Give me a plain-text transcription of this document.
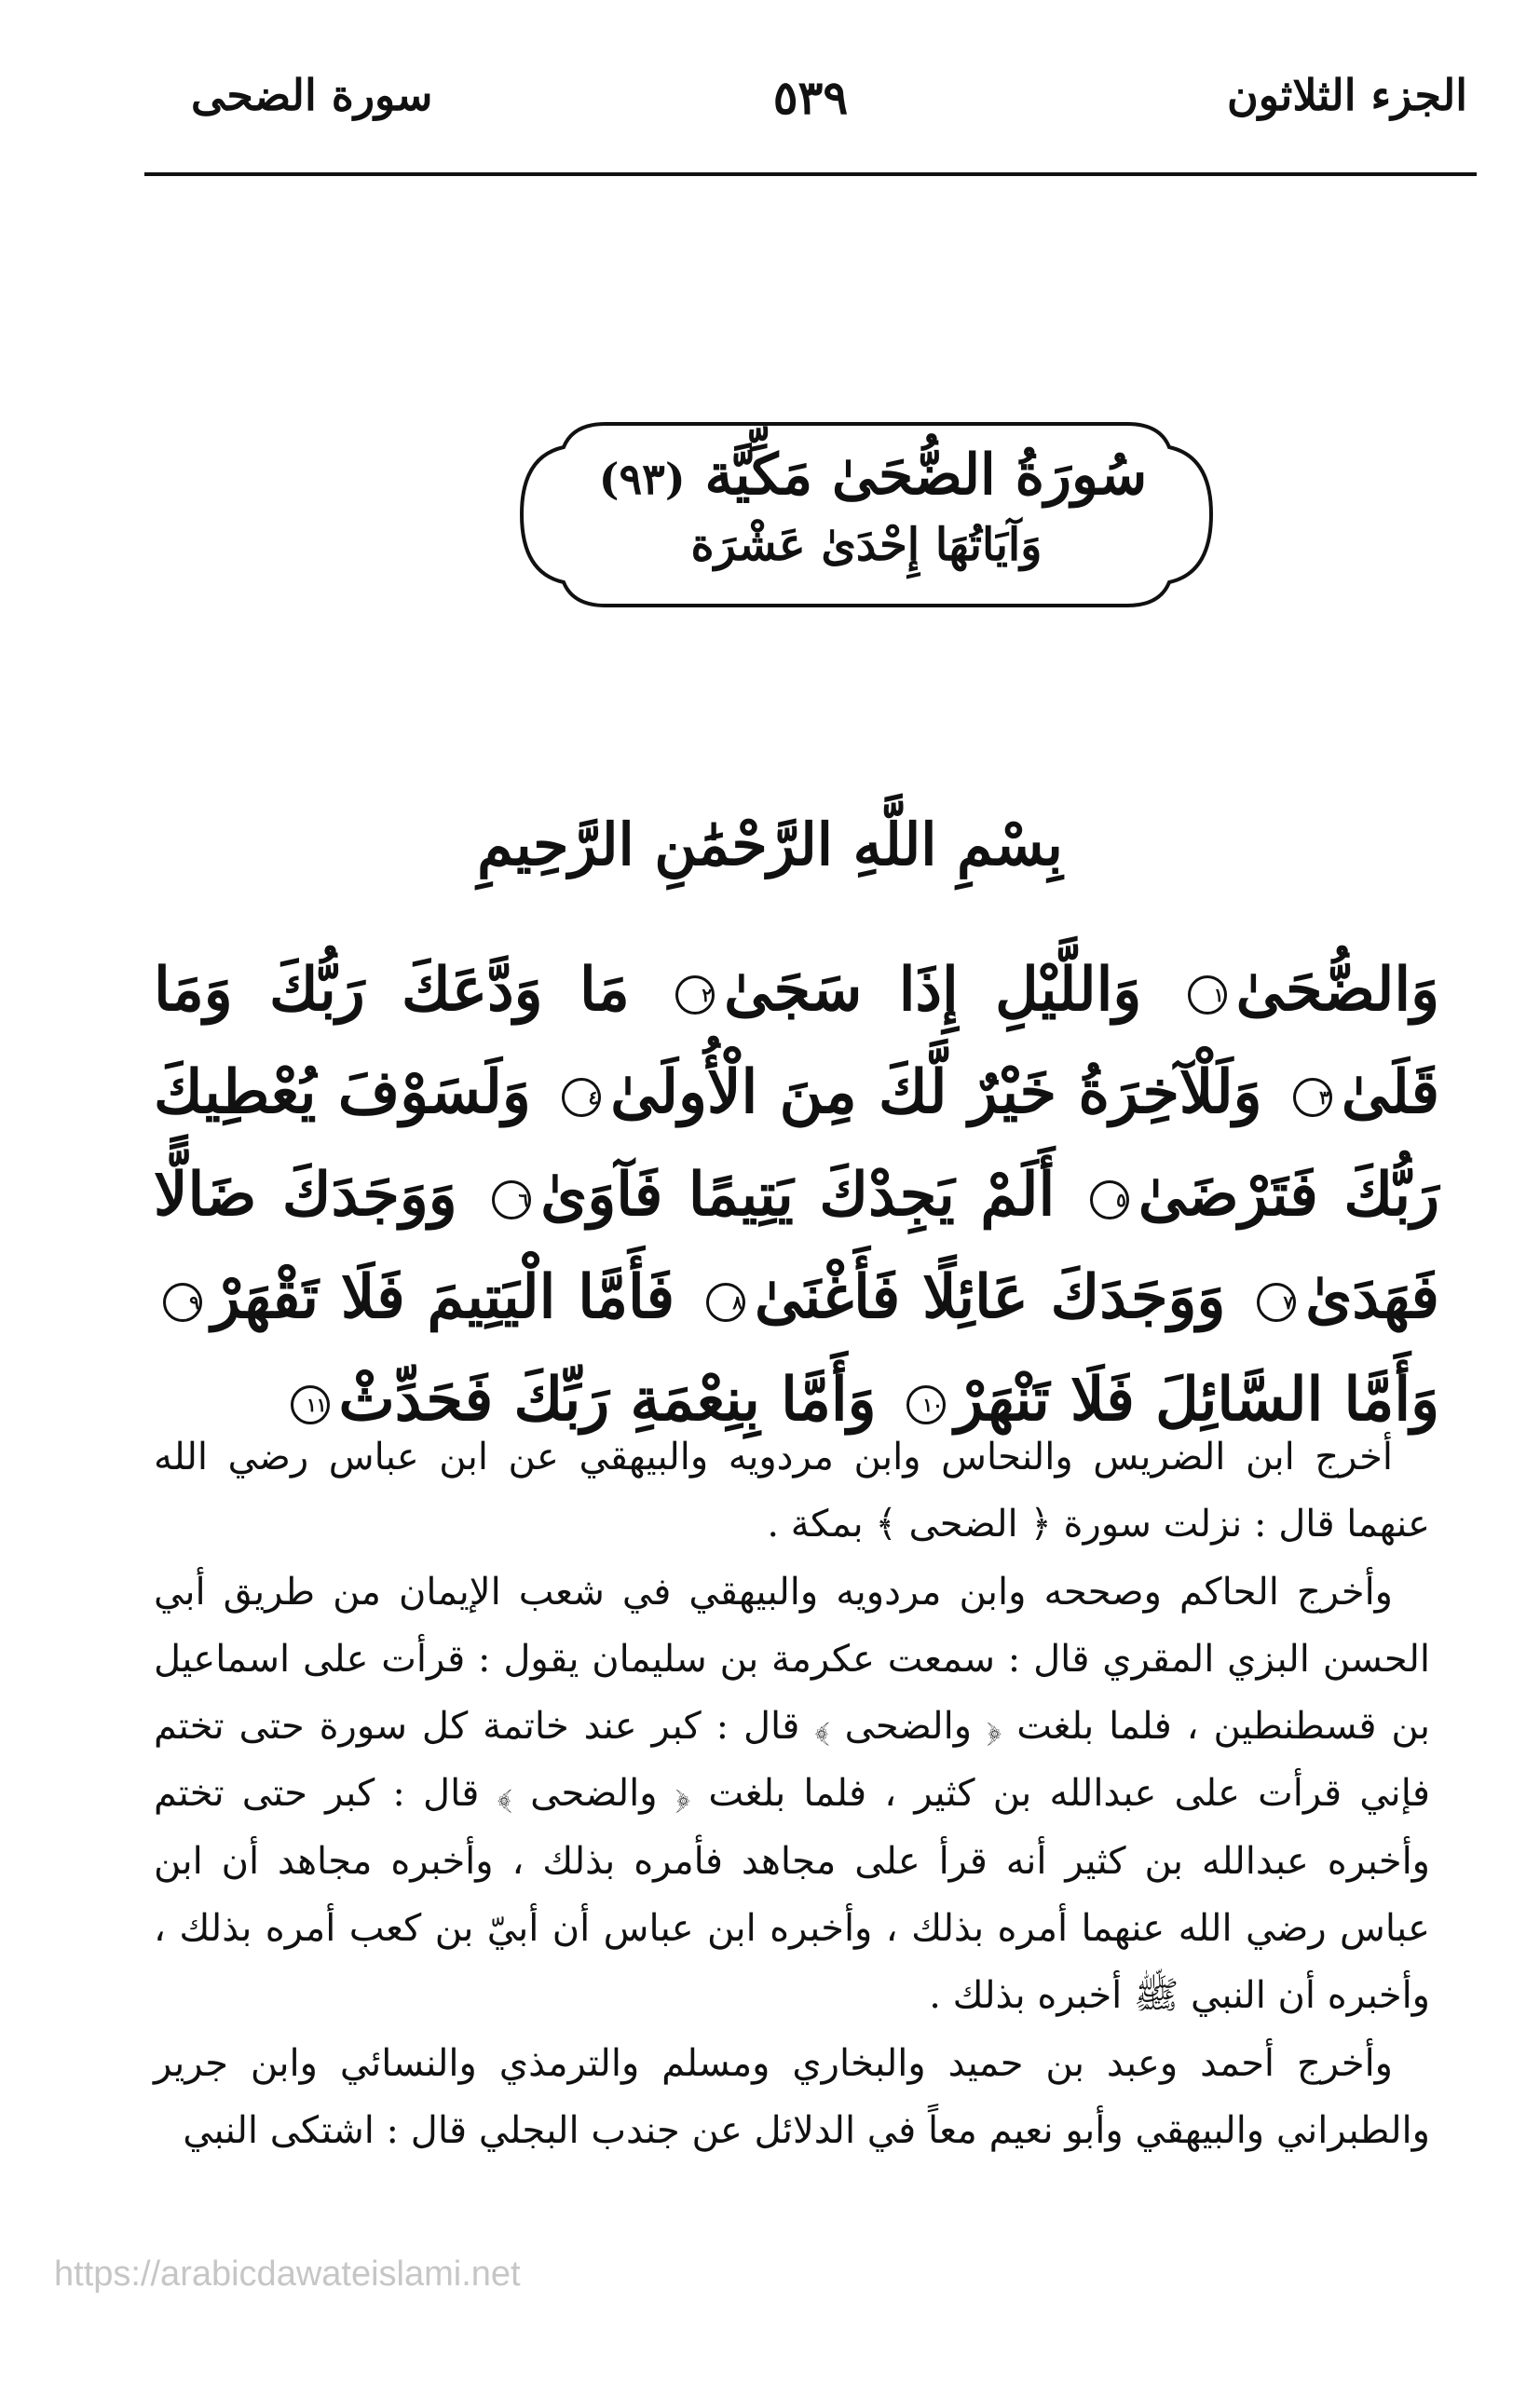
الجزء الثلاثون
٥٣٩
سورة الضحى
سُورَةُ الضُّحَىٰ مَكِّيَّة (٩٣)
وَآيَاتُهَا إِحْدَىٰ عَشْرَة
بِسْمِ اللَّهِ الرَّحْمَٰنِ الرَّحِيمِ
وَالضُّحَىٰ١ وَاللَّيْلِ إِذَا سَجَىٰ٢ مَا وَدَّعَكَ رَبُّكَ وَمَا قَلَىٰ٣ وَلَلْآخِرَةُ خَيْرٌ لَّكَ مِنَ الْأُولَىٰ٤ وَلَسَوْفَ يُعْطِيكَ رَبُّكَ فَتَرْضَىٰ٥ أَلَمْ يَجِدْكَ يَتِيمًا فَآوَىٰ٦ وَوَجَدَكَ ضَالًّا فَهَدَىٰ٧ وَوَجَدَكَ عَائِلًا فَأَغْنَىٰ٨ فَأَمَّا الْيَتِيمَ فَلَا تَقْهَرْ٩ وَأَمَّا السَّائِلَ فَلَا تَنْهَرْ١٠ وَأَمَّا بِنِعْمَةِ رَبِّكَ فَحَدِّثْ١١

أخرج ابن الضريس والنحاس وابن مردويه والبيهقي عن ابن عباس رضي الله عنهما قال : نزلت سورة ﴿ الضحى ﴾ بمكة .

وأخرج الحاكم وصححه وابن مردويه والبيهقي في شعب الإيمان من طريق أبي الحسن البزي المقري قال : سمعت عكرمة بن سليمان يقول : قرأت على اسماعيل بن قسطنطين ، فلما بلغت ﴿ والضحى ﴾ قال : كبر عند خاتمة كل سورة حتى تختم فإني قرأت على عبدالله بن كثير ، فلما بلغت ﴿ والضحى ﴾ قال : كبر حتى تختم وأخبره عبدالله بن كثير أنه قرأ على مجاهد فأمره بذلك ، وأخبره مجاهد أن ابن عباس رضي الله عنهما أمره بذلك ، وأخبره ابن عباس أن أبيّ بن كعب أمره بذلك ، وأخبره أن النبي ﷺ أخبره بذلك .

وأخرج أحمد وعبد بن حميد والبخاري ومسلم والترمذي والنسائي وابن جرير والطبراني والبيهقي وأبو نعيم معاً في الدلائل عن جندب البجلي قال : اشتكى النبي

https://arabicdawateislami.net
